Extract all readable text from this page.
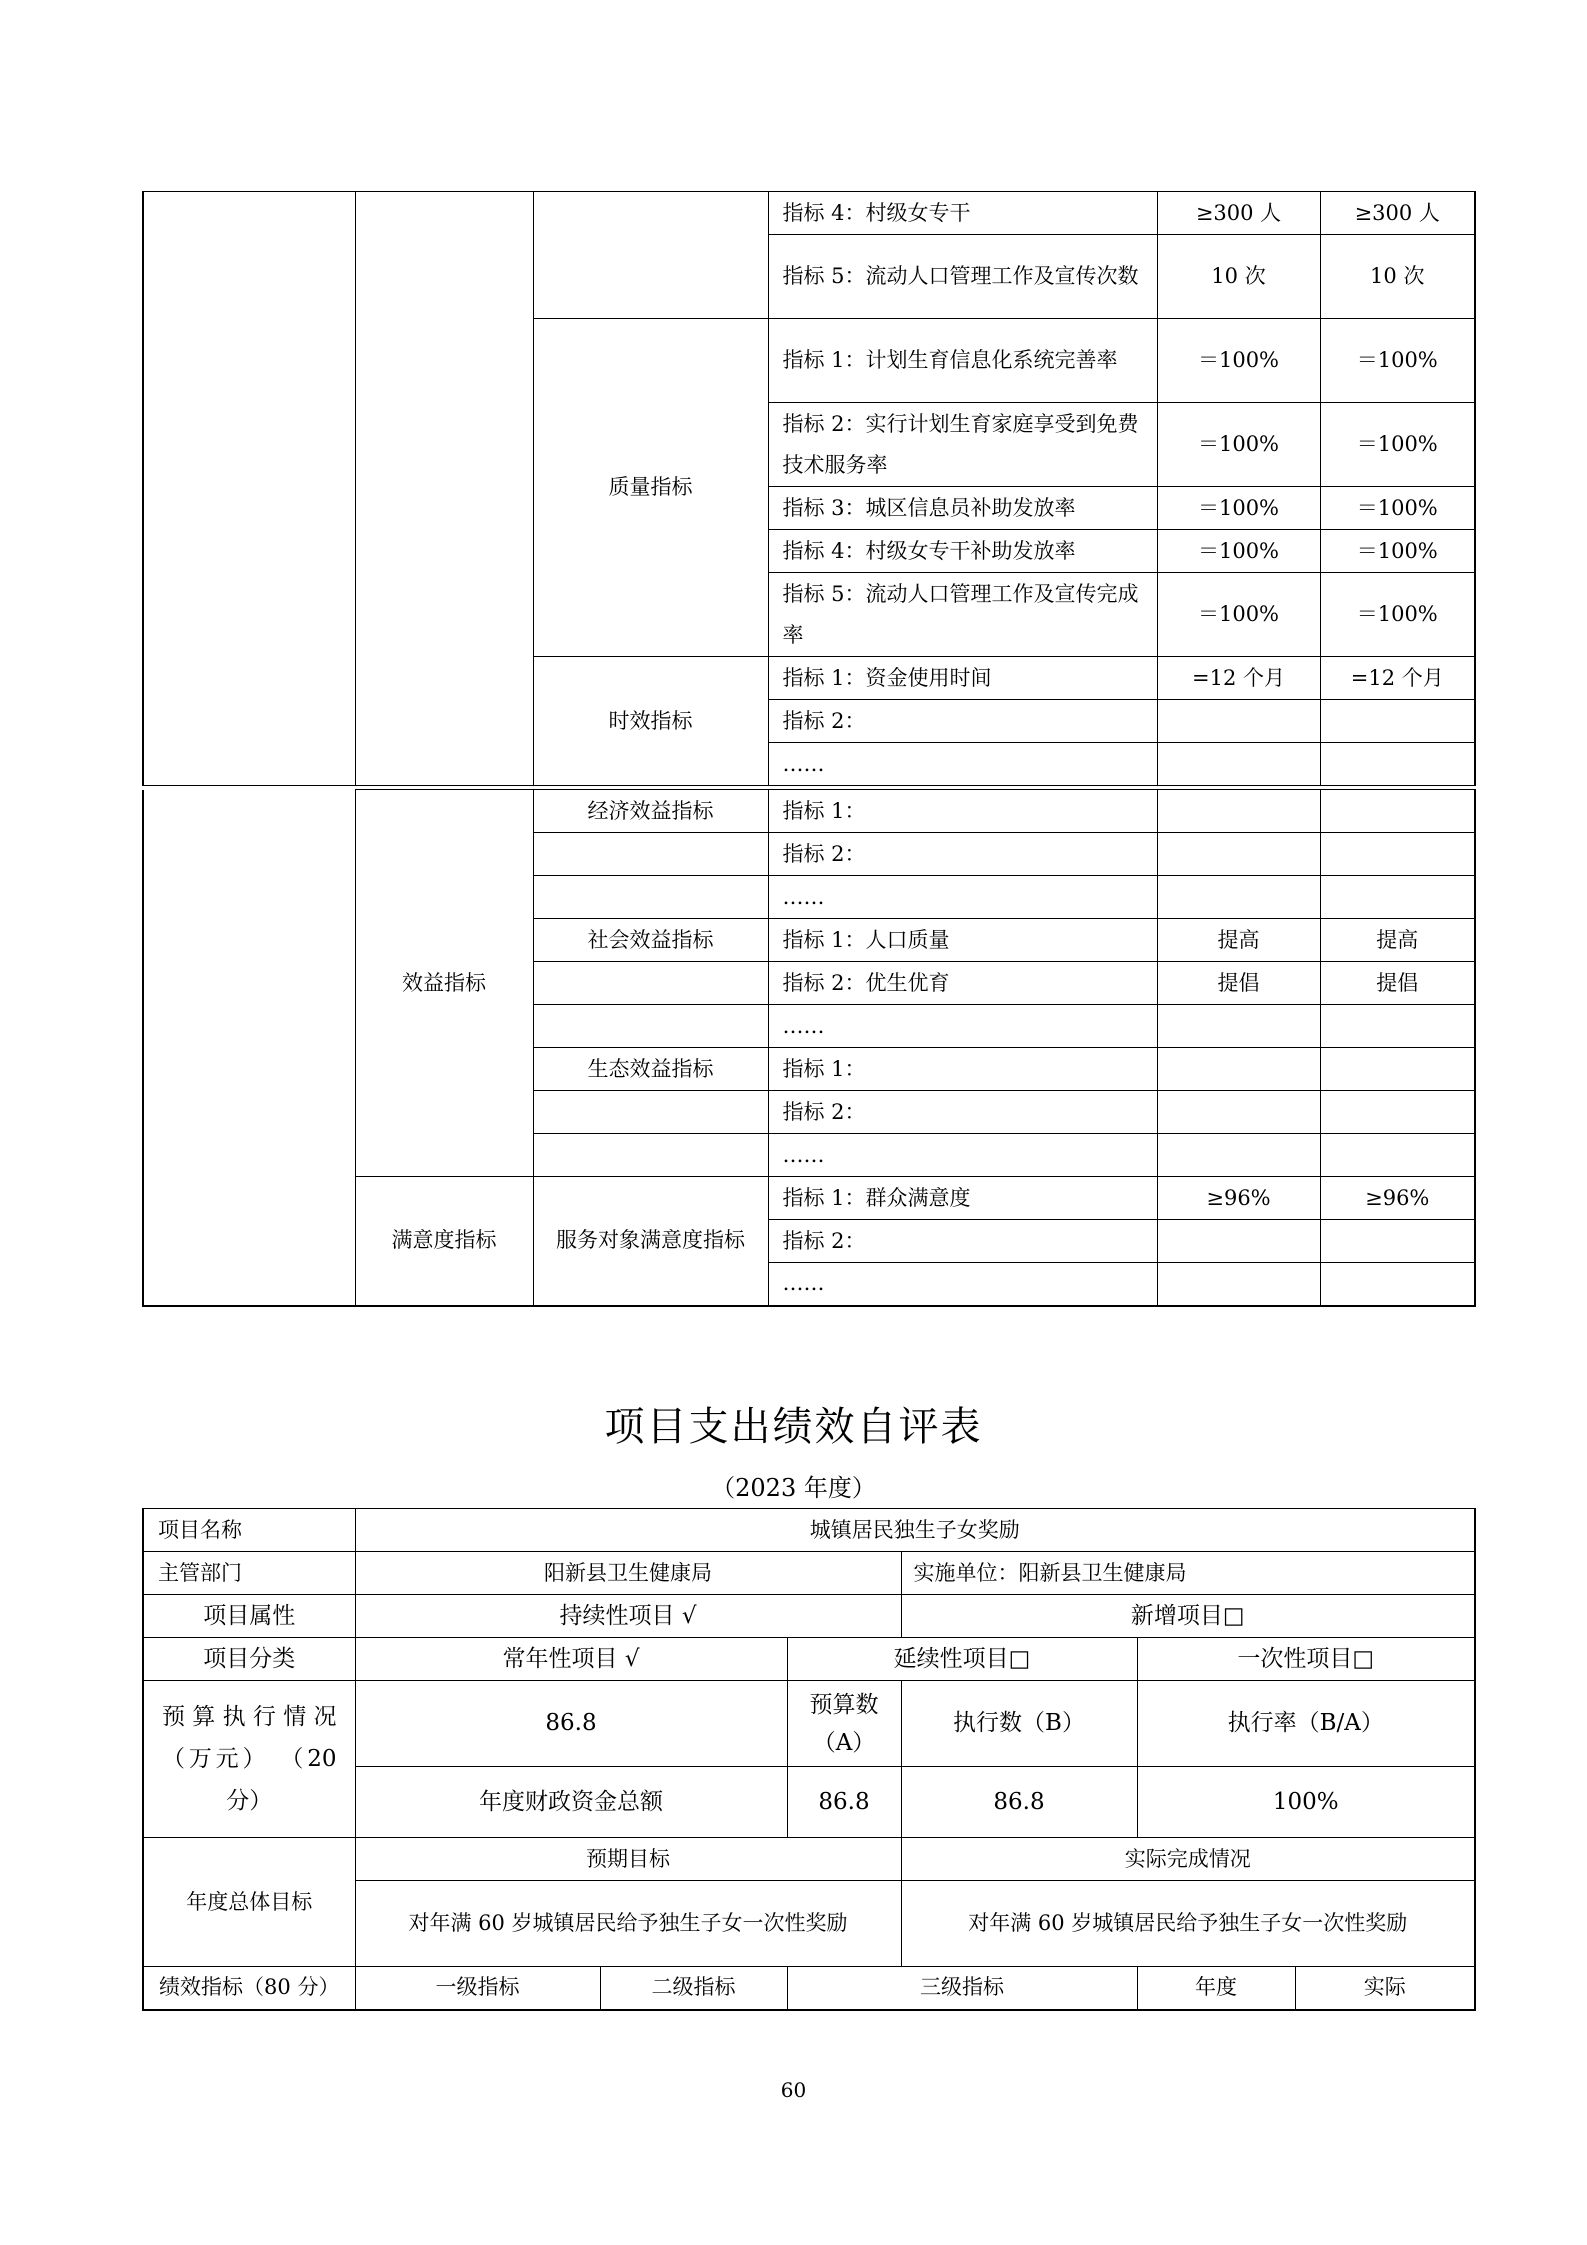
			指标 4：村级女专干	≥300 人	≥300 人
			指标 5：流动人口管理工作及宣传次数	10 次	10 次
		质量指标	指标 1：计划生育信息化系统完善率	＝100%	＝100%
			指标 2：实行计划生育家庭享受到免费技术服务率	＝100%	＝100%
			指标 3：城区信息员补助发放率	＝100%	＝100%
			指标 4：村级女专干补助发放率	＝100%	＝100%
			指标 5：流动人口管理工作及宣传完成率	＝100%	＝100%
		时效指标	指标 1：资金使用时间	=12 个月	=12 个月
			指标 2：		
			……		
	效益指标	经济效益指标	指标 1：		
			指标 2：		
			……		
		社会效益指标	指标 1：人口质量	提高	提高
			指标 2：优生优育	提倡	提倡
			……		
		生态效益指标	指标 1：		
			指标 2：		
			……		
	满意度指标	服务对象满意度指标	指标 1：群众满意度	≥96%	≥96%
			指标 2：		
			……		
项目支出绩效自评表
（2023 年度）
项目名称	城镇居民独生子女奖励					
主管部门	阳新县卫生健康局			实施单位：阳新县卫生健康局		
项目属性	持续性项目 √			新增项目□		
项目分类	常年性项目 √		延续性项目□		一次性项目□	
预算执行情况（万元） （20 分）	86.8		预算数（A）	执行数（B）	执行率（B/A）	
	年度财政资金总额		86.8	86.8	100%	
年度总体目标	预期目标			实际完成情况		
	对年满 60 岁城镇居民给予独生子女一次性奖励			对年满 60 岁城镇居民给予独生子女一次性奖励		
绩效指标（80 分）	一级指标	二级指标	三级指标		年度	实际
60
